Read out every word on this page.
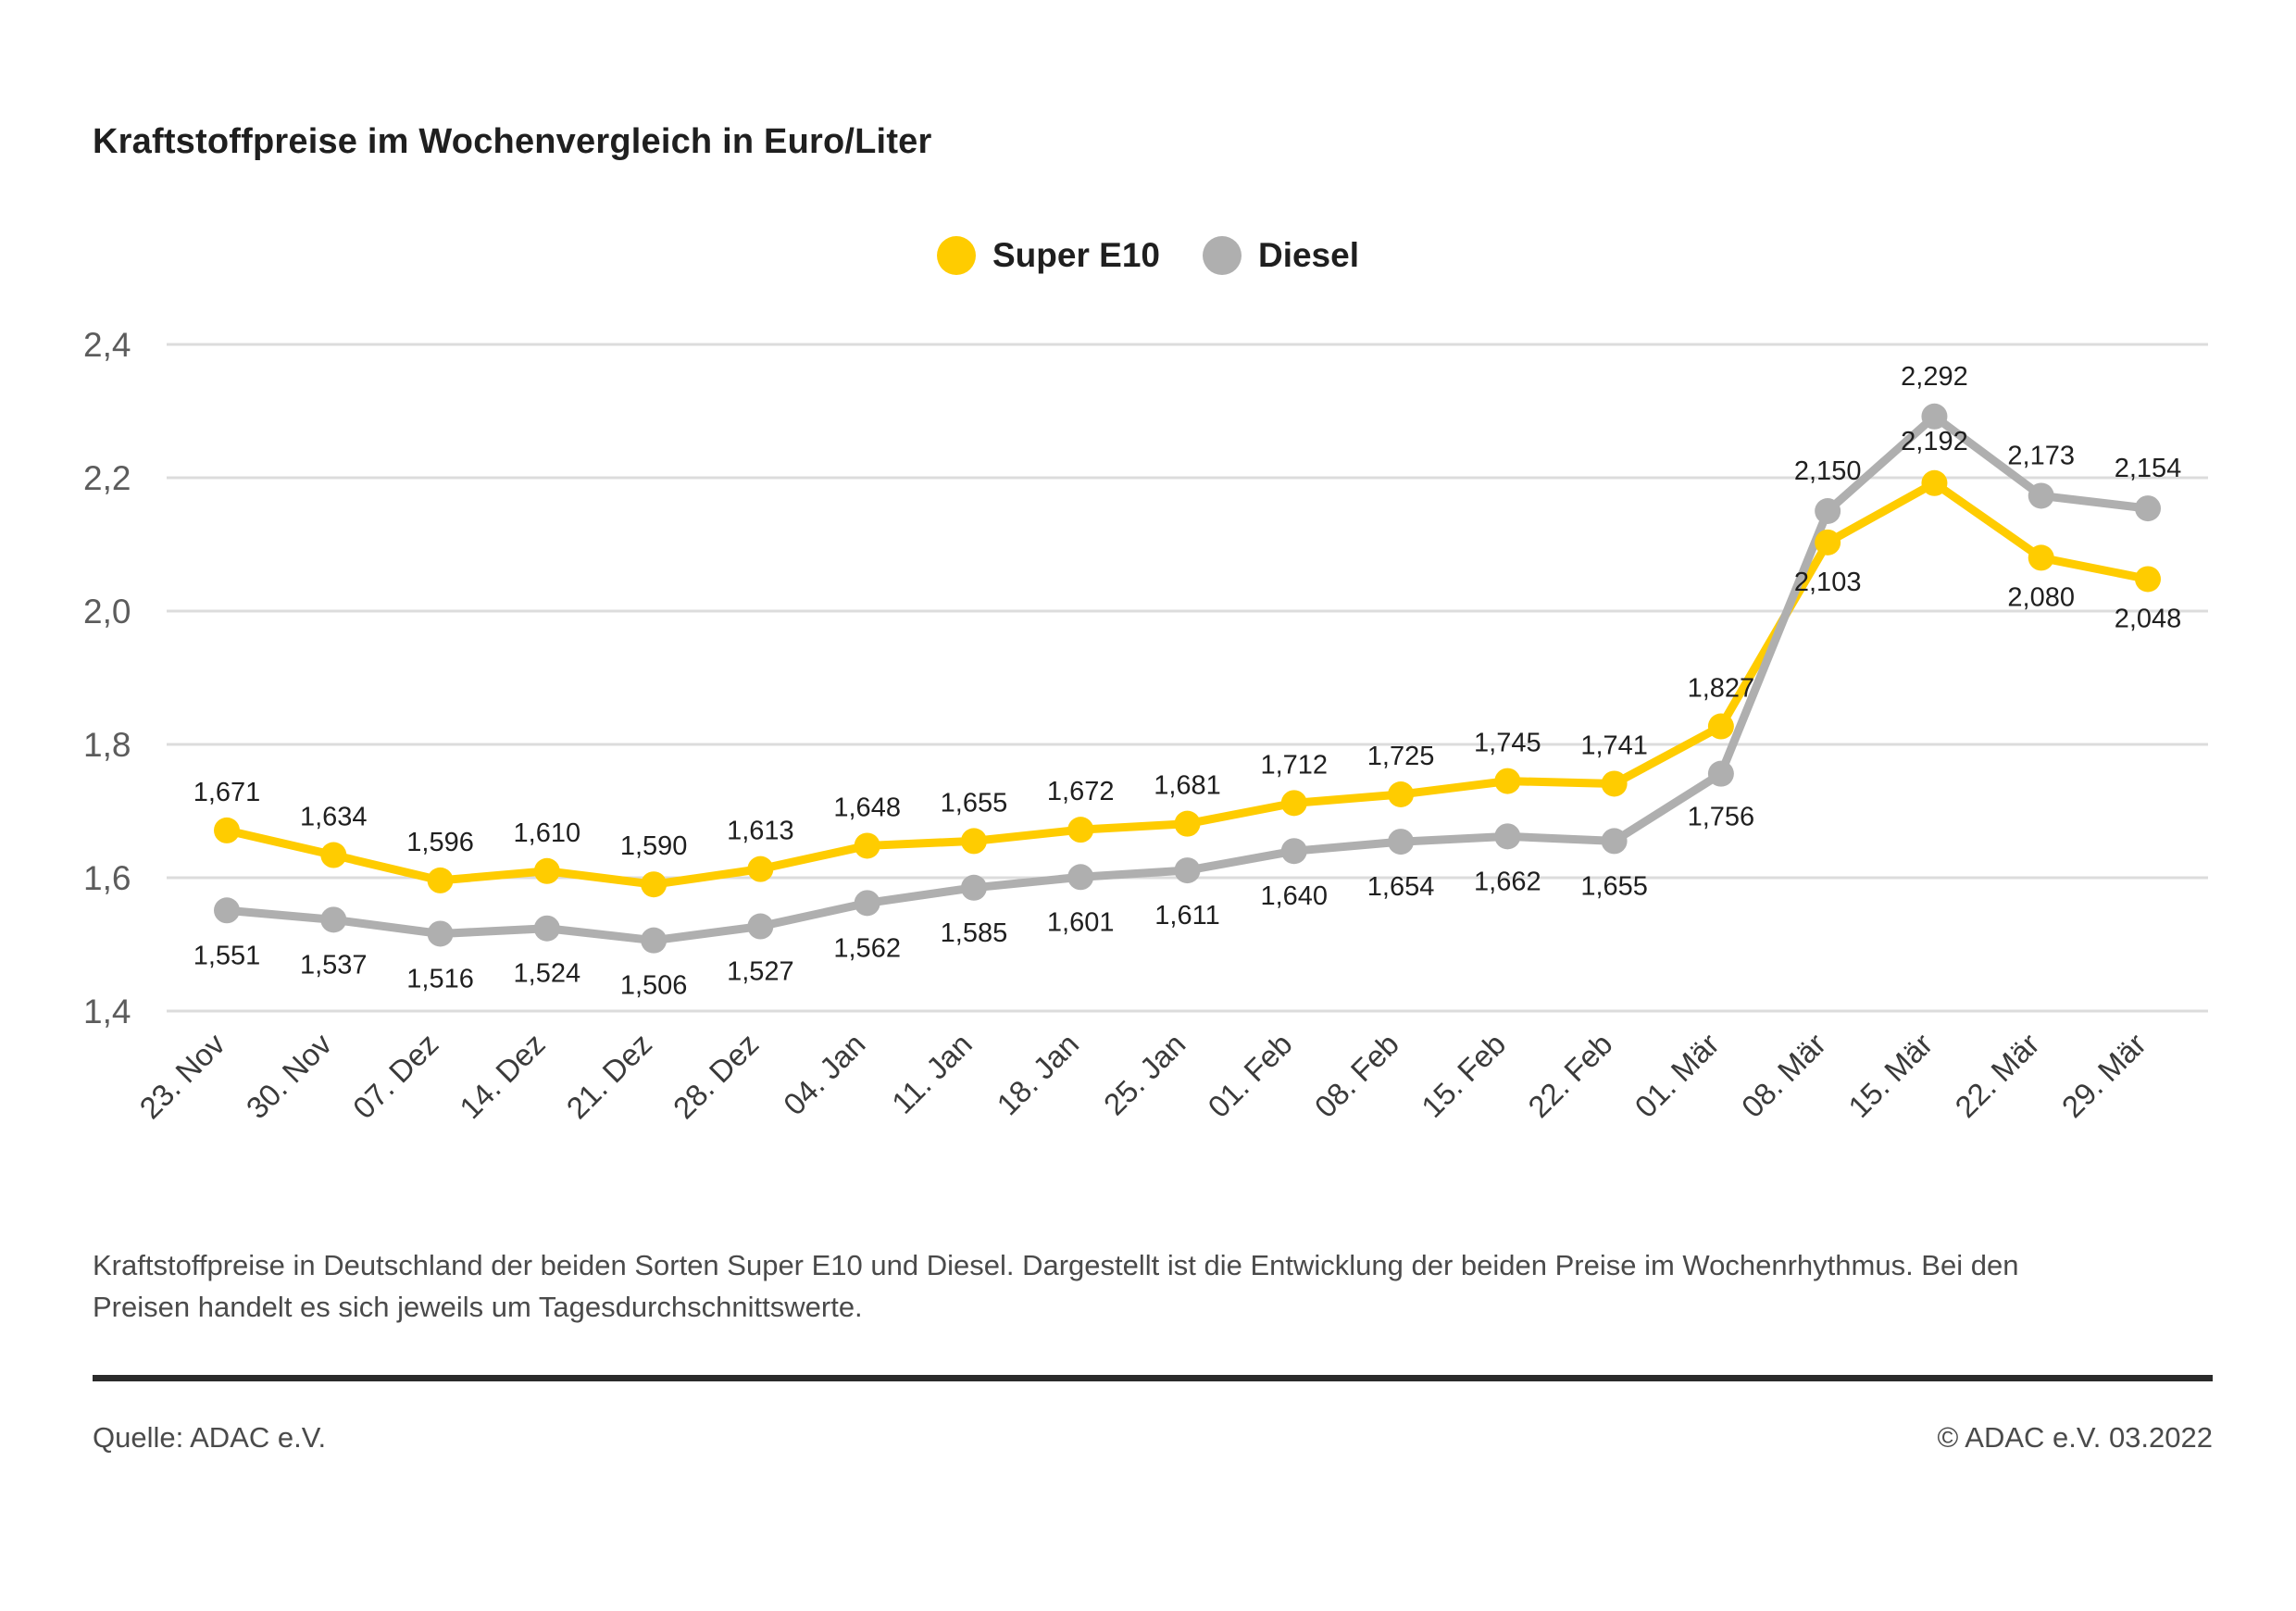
Kraftstoffpreise im Wochenvergleich in Euro/Liter
Super E10	Diesel
1,4
1,6
1,8
2,0
2,2
2,4
23. Nov 30. Nov 07. Dez 14. Dez 21. Dez 28. Dez 04. Jan 11. Jan 18. Jan 25. Jan 01. Feb 08. Feb 15. Feb 22. Feb 01. Mär 08. Mär 15. Mär 22. Mär 29. Mär
1,671
1,634
1,596 1,610 1,590
1,613
1,648 1,655 1,672 1,681
1,712 1,725 1,745 1,741
1,827
2,103
2,192
2,080
2,048
1,551 1,537 1,516 1,524 1,506 1,527
1,562
1,585 1,601 1,611
1,640 1,654 1,662 1,655
1,756
2,150
2,292
2,173 2,154
Kraftstoffpreise in Deutschland der beiden Sorten Super E10 und Diesel. Dargestellt ist die Entwicklung der beiden Preise im Wochenrhythmus. Bei den Preisen handelt es sich jeweils um Tagesdurchschnittswerte.
Quelle: ADAC e.V.	© ADAC e.V. 03.2022
